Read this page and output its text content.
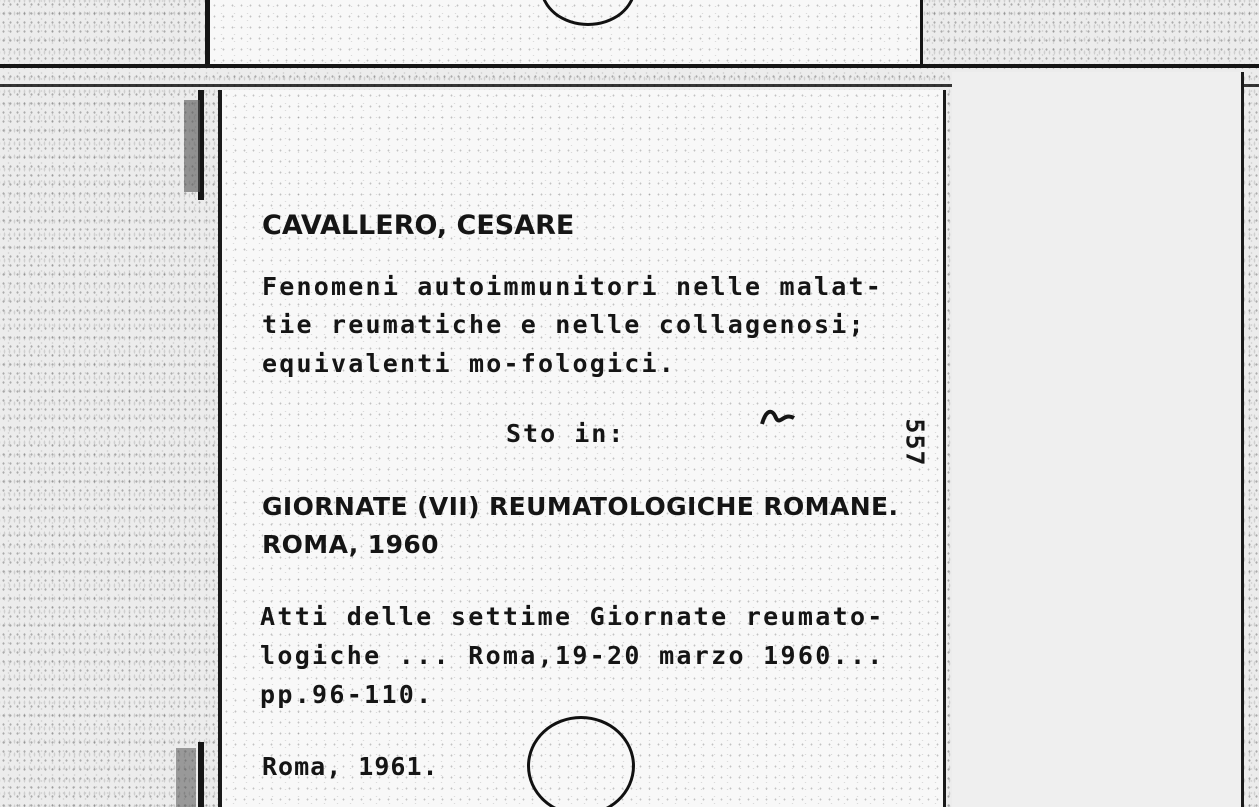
CAVALLERO, CESARE
Fenomeni autoimmunitori nelle malat-
tie reumatiche e nelle collagenosi;
equivalenti mo-fologici.
Sto in:	557
GIORNATE (VII) REUMATOLOGICHE ROMANE.
ROMA, 1960
Atti delle settime Giornate reumato-
logiche ... Roma,19-20 marzo 1960...
pp.96-110.
Roma, 1961.
